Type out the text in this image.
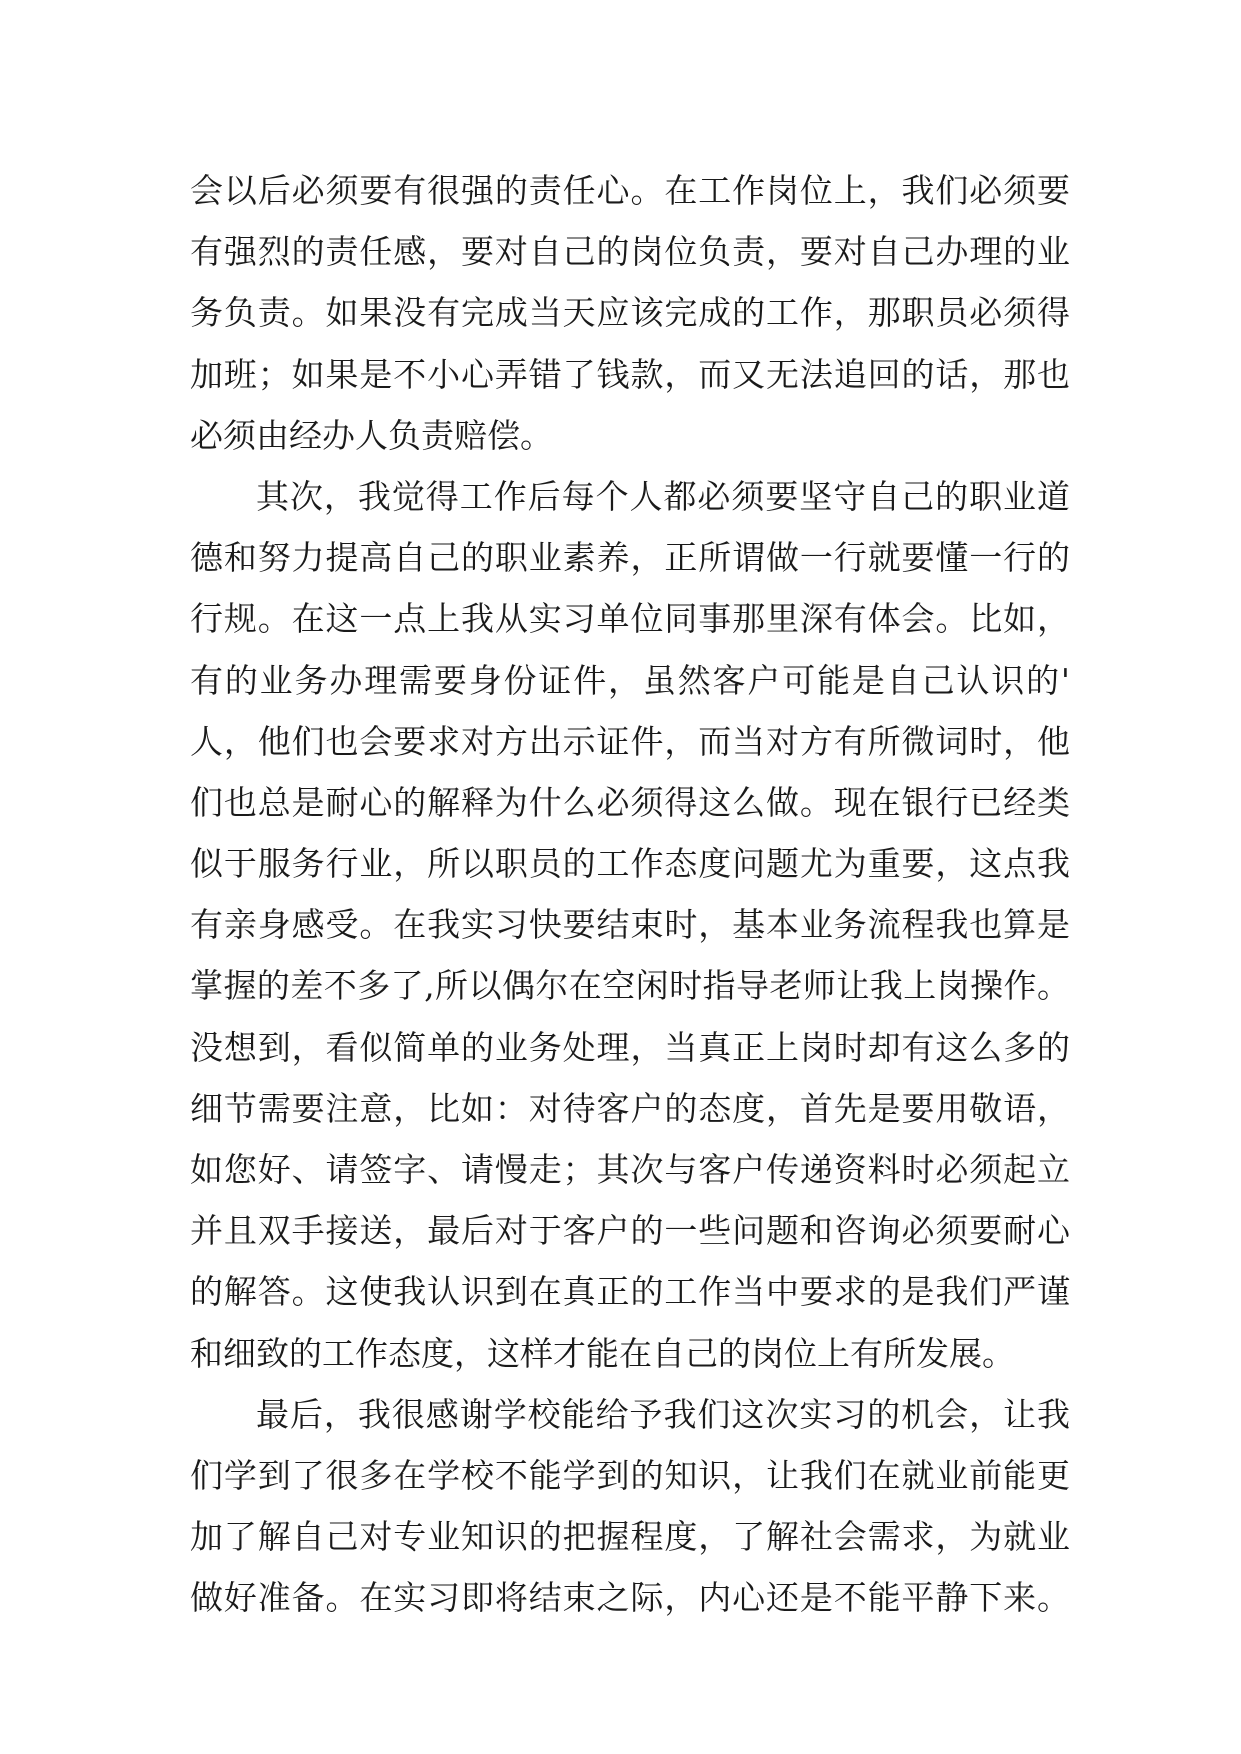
会以后必须要有很强的责任心。在工作岗位上，我们必须要
有强烈的责任感，要对自己的岗位负责，要对自己办理的业
务负责。如果没有完成当天应该完成的工作，那职员必须得
加班；如果是不小心弄错了钱款，而又无法追回的话，那也
必须由经办人负责赔偿。
其次，我觉得工作后每个人都必须要坚守自己的职业道
德和努力提高自己的职业素养，正所谓做一行就要懂一行的
行规。在这一点上我从实习单位同事那里深有体会。比如，
有的业务办理需要身份证件，虽然客户可能是自己认识的'
人，他们也会要求对方出示证件，而当对方有所微词时，他
们也总是耐心的解释为什么必须得这么做。现在银行已经类
似于服务行业，所以职员的工作态度问题尤为重要，这点我
有亲身感受。在我实习快要结束时，基本业务流程我也算是
掌握的差不多了,所以偶尔在空闲时指导老师让我上岗操作。
没想到，看似简单的业务处理，当真正上岗时却有这么多的
细节需要注意，比如：对待客户的态度，首先是要用敬语，
如您好、请签字、请慢走；其次与客户传递资料时必须起立
并且双手接送，最后对于客户的一些问题和咨询必须要耐心
的解答。这使我认识到在真正的工作当中要求的是我们严谨
和细致的工作态度，这样才能在自己的岗位上有所发展。
最后，我很感谢学校能给予我们这次实习的机会，让我
们学到了很多在学校不能学到的知识，让我们在就业前能更
加了解自己对专业知识的把握程度，了解社会需求，为就业
做好准备。在实习即将结束之际，内心还是不能平静下来。
